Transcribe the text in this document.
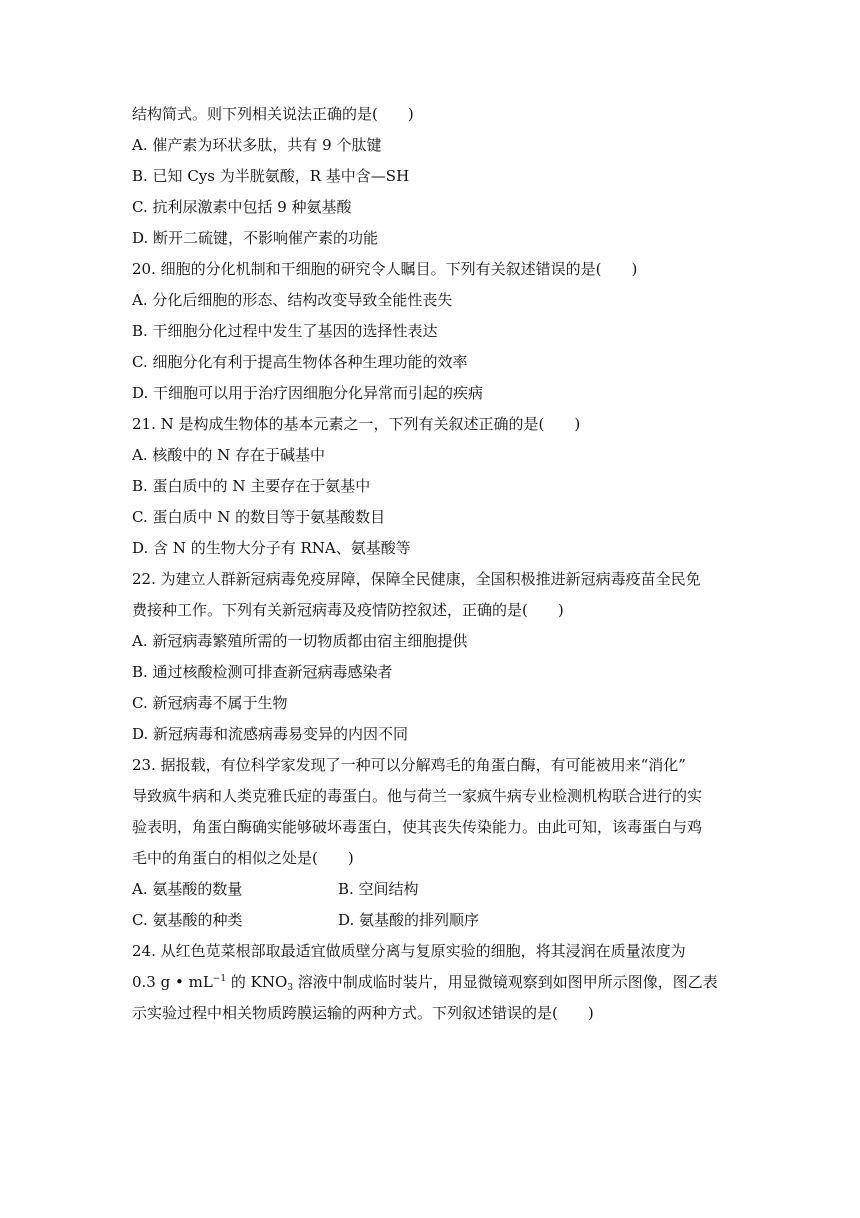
结构简式。则下列相关说法正确的是(　　)
A. 催产素为环状多肽，共有 9 个肽键
B. 已知 Cys 为半胱氨酸，R 基中含—SH
C. 抗利尿激素中包括 9 种氨基酸
D. 断开二硫键，不影响催产素的功能
20. 细胞的分化机制和干细胞的研究令人瞩目。下列有关叙述错误的是(　　)
A. 分化后细胞的形态、结构改变导致全能性丧失
B. 干细胞分化过程中发生了基因的选择性表达
C. 细胞分化有利于提高生物体各种生理功能的效率
D. 干细胞可以用于治疗因细胞分化异常而引起的疾病
21. N 是构成生物体的基本元素之一，下列有关叙述正确的是(　　)
A. 核酸中的 N 存在于碱基中
B. 蛋白质中的 N 主要存在于氨基中
C. 蛋白质中 N 的数目等于氨基酸数目
D. 含 N 的生物大分子有 RNA、氨基酸等
22. 为建立人群新冠病毒免疫屏障，保障全民健康，全国积极推进新冠病毒疫苗全民免
费接种工作。下列有关新冠病毒及疫情防控叙述，正确的是(　　)
A. 新冠病毒繁殖所需的一切物质都由宿主细胞提供
B. 通过核酸检测可排查新冠病毒感染者
C. 新冠病毒不属于生物
D. 新冠病毒和流感病毒易变异的内因不同
23. 据报载，有位科学家发现了一种可以分解鸡毛的角蛋白酶，有可能被用来“消化”
导致疯牛病和人类克雅氏症的毒蛋白。他与荷兰一家疯牛病专业检测机构联合进行的实
验表明，角蛋白酶确实能够破坏毒蛋白，使其丧失传染能力。由此可知，该毒蛋白与鸡
毛中的角蛋白的相似之处是(　　)
A. 氨基酸的数量	B. 空间结构
C. 氨基酸的种类	D. 氨基酸的排列顺序
24. 从红色苋菜根部取最适宜做质壁分离与复原实验的细胞，将其浸润在质量浓度为
0.3 g • $mL^{-1}$ 的 $KNO_3$ 溶液中制成临时装片，用显微镜观察到如图甲所示图像，图乙表
示实验过程中相关物质跨膜运输的两种方式。下列叙述错误的是(　　)
